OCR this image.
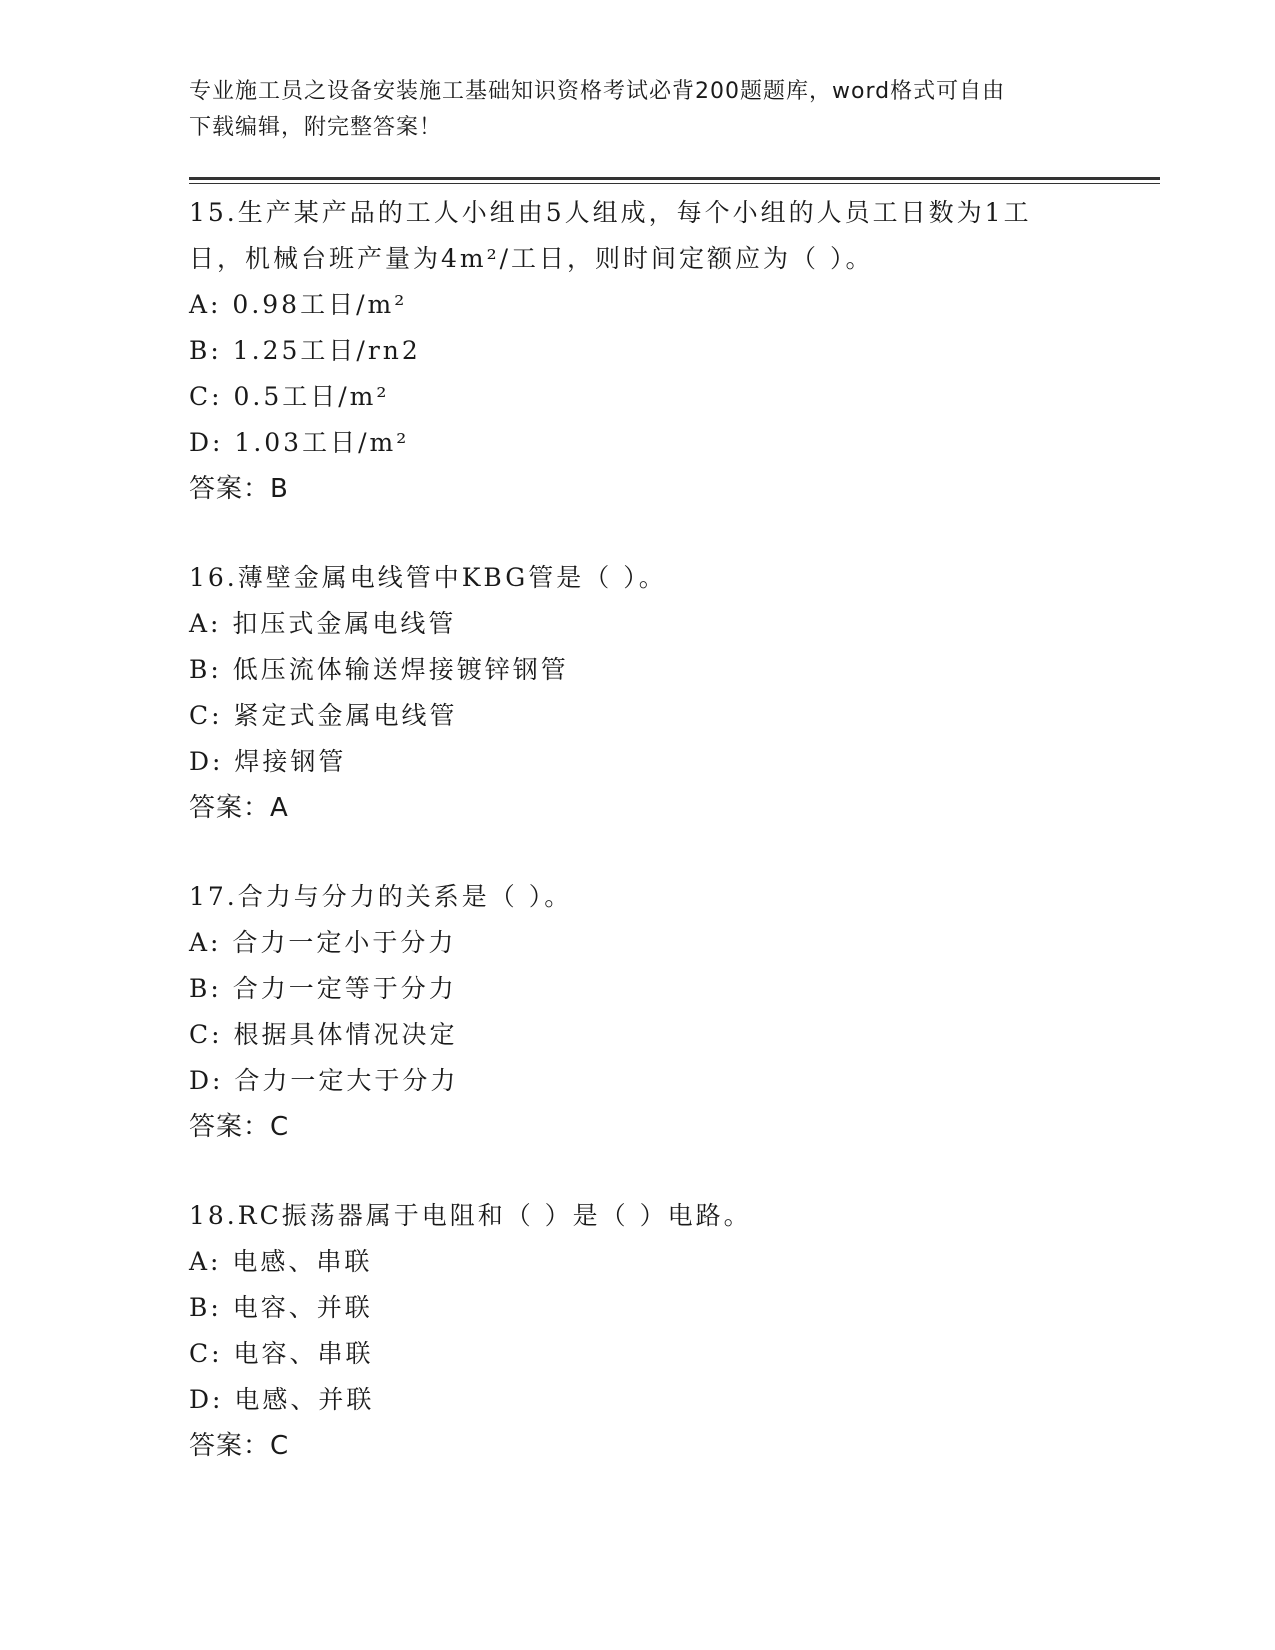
专业施工员之设备安装施工基础知识资格考试必背200题题库，word格式可自由
下载编辑，附完整答案！

15.生产某产品的工人小组由5人组成，每个小组的人员工日数为1工

日，机械台班产量为4m²/工日，则时间定额应为（ ）。

A: 0.98工日/m²

B: 1.25工日/rn2

C: 0.5工日/m²

D: 1.03工日/m²

答案：B

16.薄壁金属电线管中KBG管是（ ）。

A: 扣压式金属电线管

B: 低压流体输送焊接镀锌钢管

C: 紧定式金属电线管

D: 焊接钢管

答案：A

17.合力与分力的关系是（ ）。

A: 合力一定小于分力

B: 合力一定等于分力

C: 根据具体情况决定

D: 合力一定大于分力

答案：C

18.RC振荡器属于电阻和（ ）是（ ）电路。

A: 电感、串联

B: 电容、并联

C: 电容、串联

D: 电感、并联

答案：C
